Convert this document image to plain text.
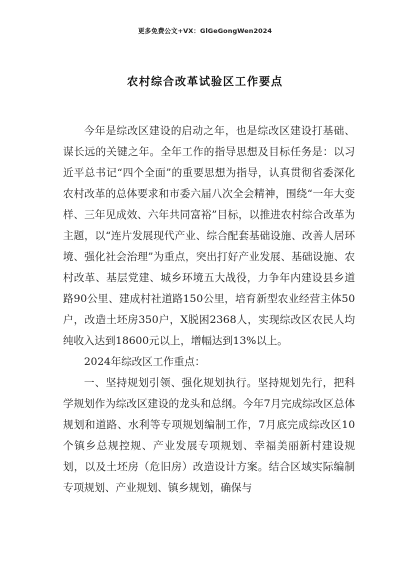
更多免费公文+VX：GlGeGongWen2024
农村综合改革试验区工作要点

今年是综改区建设的启动之年，也是综改区建设打基础、谋长远的关键之年。全年工作的指导思想及目标任务是：以习近平总书记“四个全面”的重要思想为指导，认真贯彻省委深化农村改革的总体要求和市委六届八次全会精神，围绕“一年大变样、三年见成效、六年共同富裕”目标，以推进农村综合改革为主题，以“连片发展现代产业、综合配套基础设施、改善人居环境、强化社会治理”为重点，突出打好产业发展、基础设施、农村改革、基层党建、城乡环境五大战役，力争年内建设县乡道路90公里、建成村社道路150公里，培育新型农业经营主体50户，改造土坯房350户，X脱困2368人，实现综改区农民人均纯收入达到18600元以上，增幅达到13%以上。

2024年综改区工作重点：

一、坚持规划引领、强化规划执行。坚持规划先行，把科学规划作为综改区建设的龙头和总纲。今年7月完成综改区总体规划和道路、水利等专项规划编制工作，7月底完成综改区10个镇乡总规控规、产业发展专项规划、幸福美丽新村建设规划，以及土坯房（危旧房）改造设计方案。结合区域实际编制专项规划、产业规划、镇乡规划，确保与
